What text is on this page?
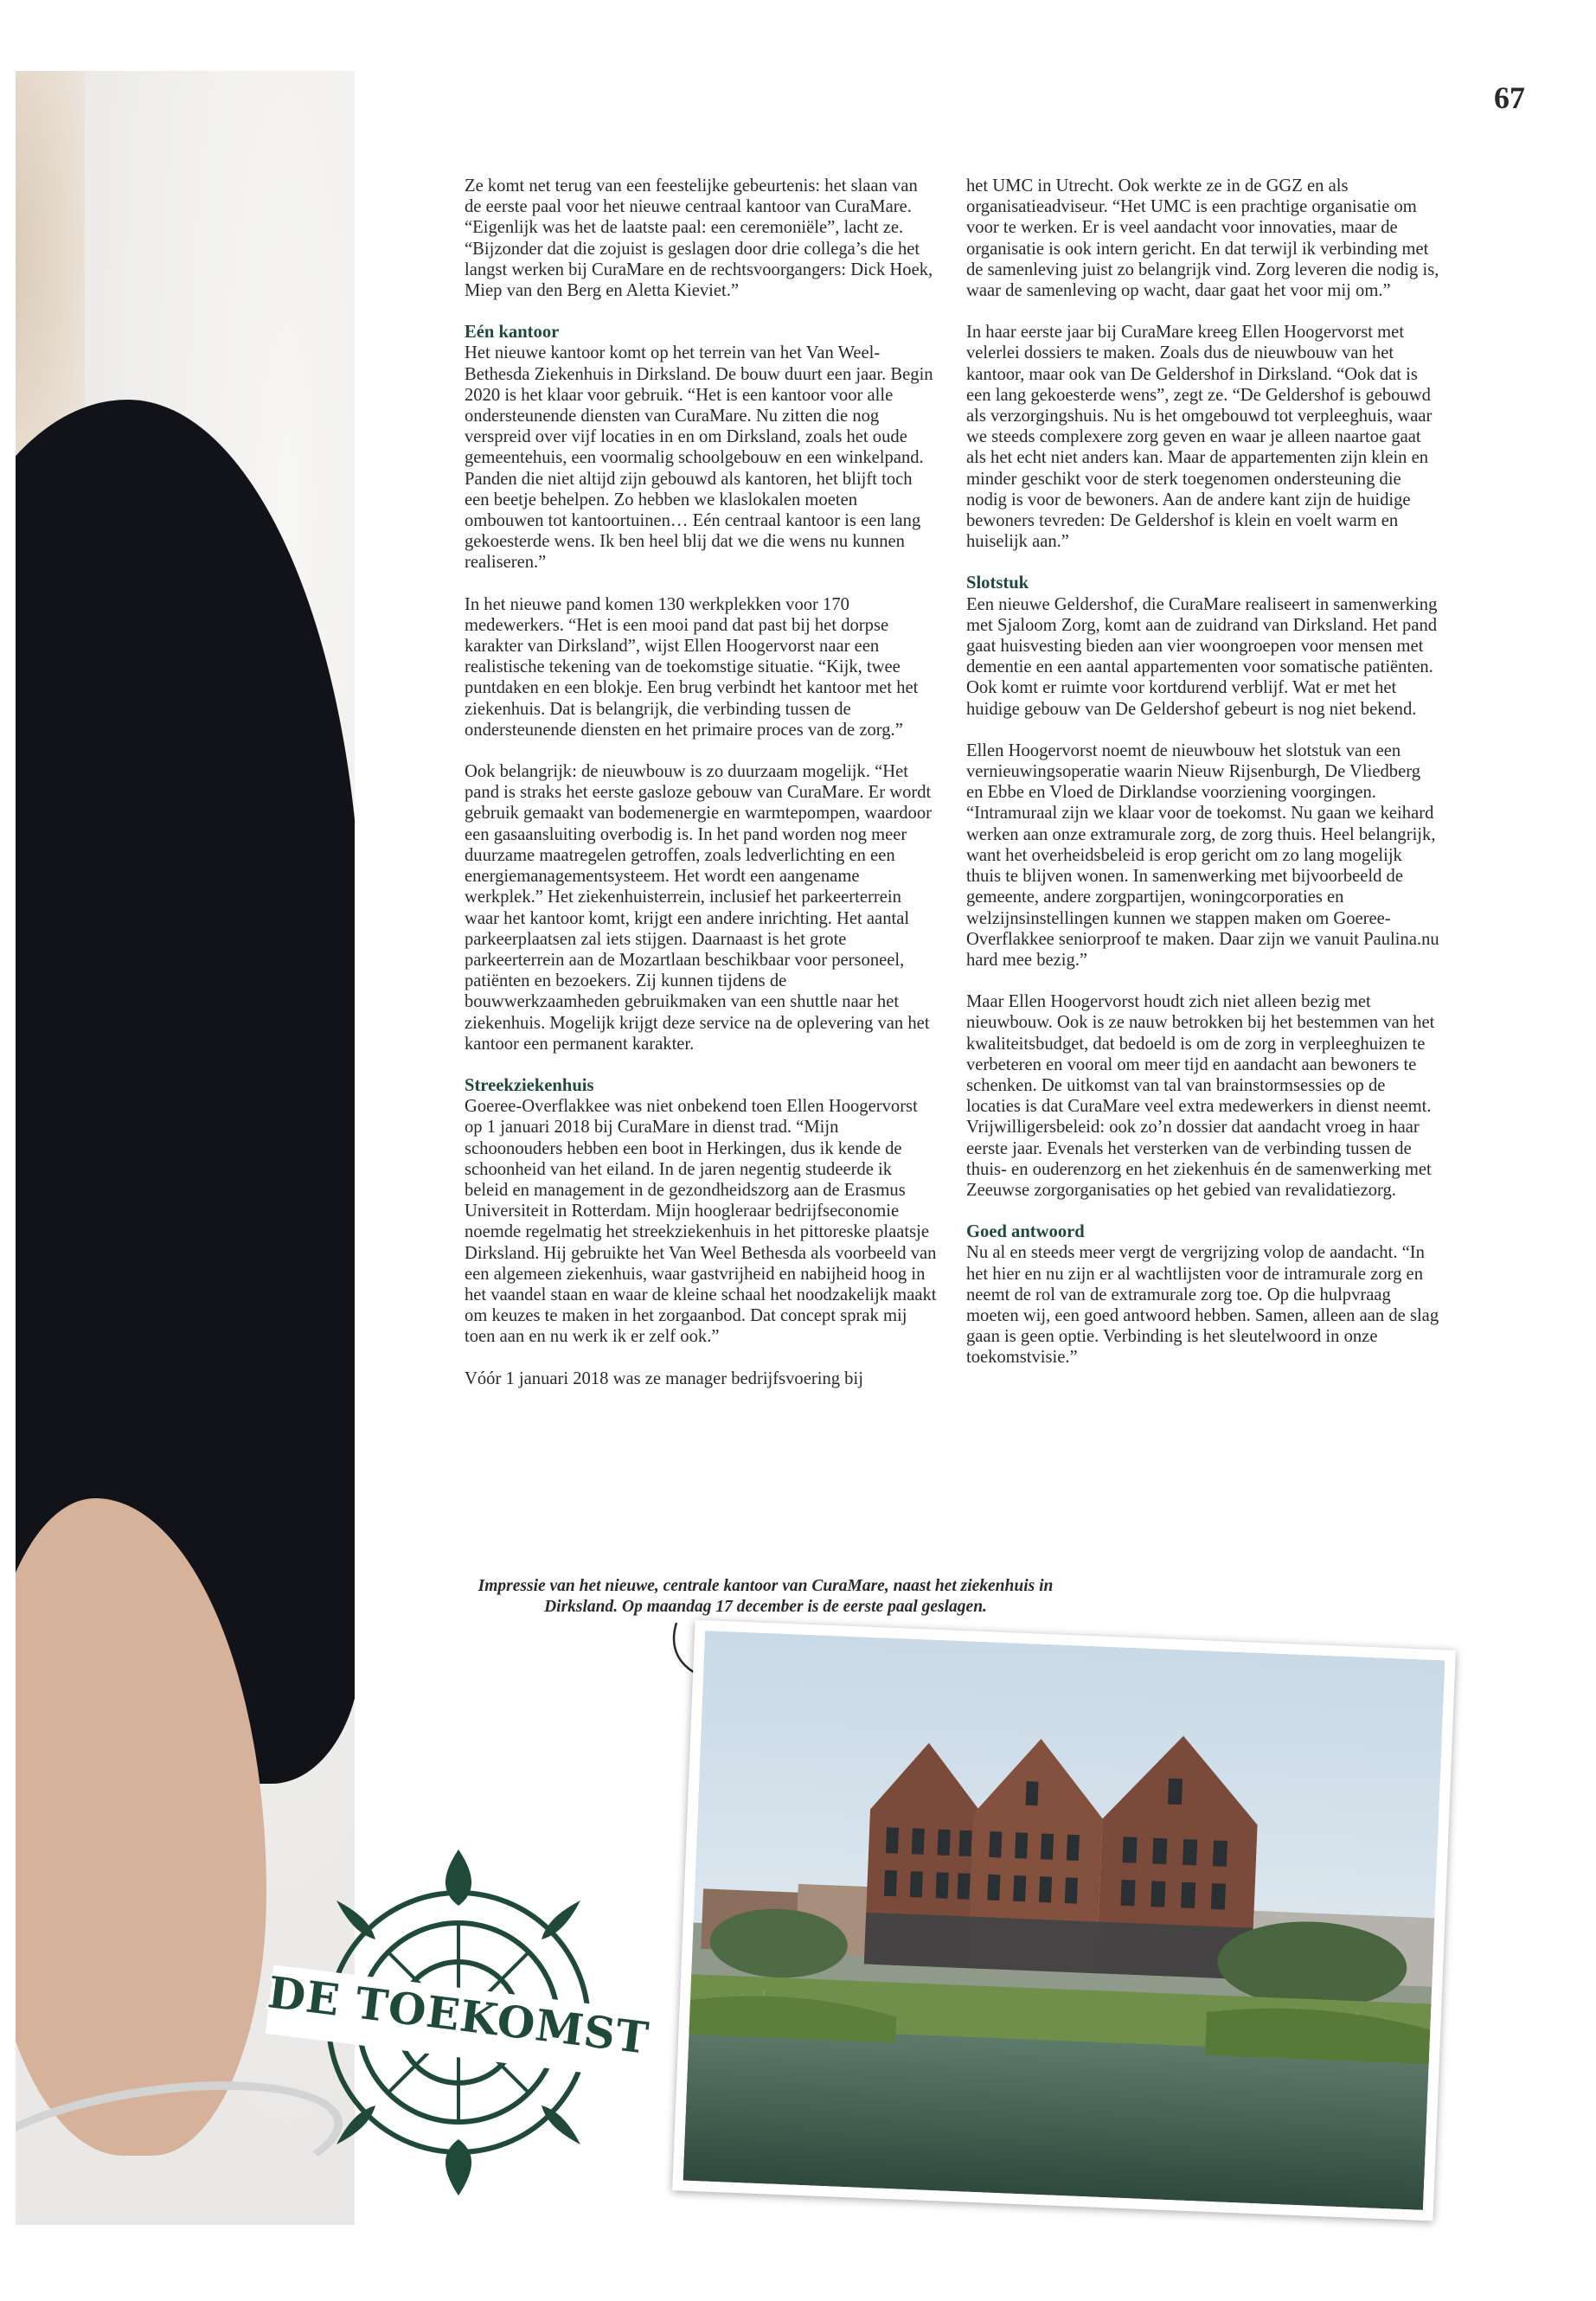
67

Ze komt net terug van een feestelijke gebeurtenis: het slaan van de eerste paal voor het nieuwe centraal kantoor van CuraMare. “Eigenlijk was het de laatste paal: een ceremoniële”, lacht ze. “Bijzonder dat die zojuist is geslagen door drie collega’s die het langst werken bij CuraMare en de rechtsvoorgangers: Dick Hoek, Miep van den Berg en Aletta Kieviet.”

Eén kantoor

Het nieuwe kantoor komt op het terrein van het Van Weel-Bethesda Ziekenhuis in Dirksland. De bouw duurt een jaar. Begin 2020 is het klaar voor gebruik. “Het is een kantoor voor alle ondersteunende diensten van CuraMare. Nu zitten die nog verspreid over vijf locaties in en om Dirksland, zoals het oude gemeentehuis, een voormalig schoolgebouw en een winkelpand. Panden die niet altijd zijn gebouwd als kantoren, het blijft toch een beetje behelpen. Zo hebben we klaslokalen moeten ombouwen tot kantoortuinen… Eén centraal kantoor is een lang gekoesterde wens. Ik ben heel blij dat we die wens nu kunnen realiseren.”

In het nieuwe pand komen 130 werkplekken voor 170 medewerkers. “Het is een mooi pand dat past bij het dorpse karakter van Dirksland”, wijst Ellen Hoogervorst naar een realistische tekening van de toekomstige situatie. “Kijk, twee puntdaken en een blokje. Een brug verbindt het kantoor met het ziekenhuis. Dat is belangrijk, die verbinding tussen de ondersteunende diensten en het primaire proces van de zorg.”

Ook belangrijk: de nieuwbouw is zo duurzaam mogelijk. “Het pand is straks het eerste gasloze gebouw van CuraMare. Er wordt gebruik gemaakt van bodemenergie en warmtepompen, waardoor een gasaansluiting overbodig is. In het pand worden nog meer duurzame maatregelen getroffen, zoals ledverlichting en een energiemanagementsysteem. Het wordt een aangename werkplek.” Het ziekenhuisterrein, inclusief het parkeerterrein waar het kantoor komt, krijgt een andere inrichting. Het aantal parkeerplaatsen zal iets stijgen. Daarnaast is het grote parkeerterrein aan de Mozartlaan beschikbaar voor personeel, patiënten en bezoekers. Zij kunnen tijdens de bouwwerkzaamheden gebruikmaken van een shuttle naar het ziekenhuis. Mogelijk krijgt deze service na de oplevering van het kantoor een permanent karakter.

Streekziekenhuis

Goeree-Overflakkee was niet onbekend toen Ellen Hoogervorst op 1 januari 2018 bij CuraMare in dienst trad. “Mijn schoonouders hebben een boot in Herkingen, dus ik kende de schoonheid van het eiland. In de jaren negentig studeerde ik beleid en management in de gezondheidszorg aan de Erasmus Universiteit in Rotterdam. Mijn hoogleraar bedrijfseconomie noemde regelmatig het streekziekenhuis in het pittoreske plaatsje Dirksland. Hij gebruikte het Van Weel Bethesda als voorbeeld van een algemeen ziekenhuis, waar gastvrijheid en nabijheid hoog in het vaandel staan en waar de kleine schaal het noodzakelijk maakt om keuzes te maken in het zorgaanbod. Dat concept sprak mij toen aan en nu werk ik er zelf ook.”

Vóór 1 januari 2018 was ze manager bedrijfsvoering bij

het UMC in Utrecht. Ook werkte ze in de GGZ en als organisatieadviseur. “Het UMC is een prachtige organisatie om voor te werken. Er is veel aandacht voor innovaties, maar de organisatie is ook intern gericht. En dat terwijl ik verbinding met de samenleving juist zo belangrijk vind. Zorg leveren die nodig is, waar de samenleving op wacht, daar gaat het voor mij om.”

In haar eerste jaar bij CuraMare kreeg Ellen Hoogervorst met velerlei dossiers te maken. Zoals dus de nieuwbouw van het kantoor, maar ook van De Geldershof in Dirksland. “Ook dat is een lang gekoesterde wens”, zegt ze. “De Geldershof is gebouwd als verzorgingshuis. Nu is het omgebouwd tot verpleeghuis, waar we steeds complexere zorg geven en waar je alleen naartoe gaat als het echt niet anders kan. Maar de appartementen zijn klein en minder geschikt voor de sterk toegenomen ondersteuning die nodig is voor de bewoners. Aan de andere kant zijn de huidige bewoners tevreden: De Geldershof is klein en voelt warm en huiselijk aan.”

Slotstuk

Een nieuwe Geldershof, die CuraMare realiseert in samenwerking met Sjaloom Zorg, komt aan de zuidrand van Dirksland. Het pand gaat huisvesting bieden aan vier woongroepen voor mensen met dementie en een aantal appartementen voor somatische patiënten. Ook komt er ruimte voor kortdurend verblijf. Wat er met het huidige gebouw van De Geldershof gebeurt is nog niet bekend.

Ellen Hoogervorst noemt de nieuwbouw het slotstuk van een vernieuwingsoperatie waarin Nieuw Rijsenburgh, De Vliedberg en Ebbe en Vloed de Dirklandse voorziening voorgingen. “Intramuraal zijn we klaar voor de toekomst. Nu gaan we keihard werken aan onze extramurale zorg, de zorg thuis. Heel belangrijk, want het overheidsbeleid is erop gericht om zo lang mogelijk thuis te blijven wonen. In samenwerking met bijvoorbeeld de gemeente, andere zorgpartijen, woningcorporaties en welzijnsinstellingen kunnen we stappen maken om Goeree-Overflakkee seniorproof te maken. Daar zijn we vanuit Paulina.nu hard mee bezig.”

Maar Ellen Hoogervorst houdt zich niet alleen bezig met nieuwbouw. Ook is ze nauw betrokken bij het bestemmen van het kwaliteitsbudget, dat bedoeld is om de zorg in verpleeghuizen te verbeteren en vooral om meer tijd en aandacht aan bewoners te schenken. De uitkomst van tal van brainstormsessies op de locaties is dat CuraMare veel extra medewerkers in dienst neemt. Vrijwilligersbeleid: ook zo’n dossier dat aandacht vroeg in haar eerste jaar. Evenals het versterken van de verbinding tussen de thuis- en ouderenzorg en het ziekenhuis én de samenwerking met Zeeuwse zorgorganisaties op het gebied van revalidatiezorg.

Goed antwoord

Nu al en steeds meer vergt de vergrijzing volop de aandacht. “In het hier en nu zijn er al wachtlijsten voor de intramurale zorg en neemt de rol van de extramurale zorg toe. Op die hulpvraag moeten wij, een goed antwoord hebben. Samen, alleen aan de slag gaan is geen optie. Verbinding is het sleutelwoord in onze toekomstvisie.”

Impressie van het nieuwe, centrale kantoor van CuraMare, naast het ziekenhuis in Dirksland. Op maandag 17 december is de eerste paal geslagen.
DE TOEKOMST
